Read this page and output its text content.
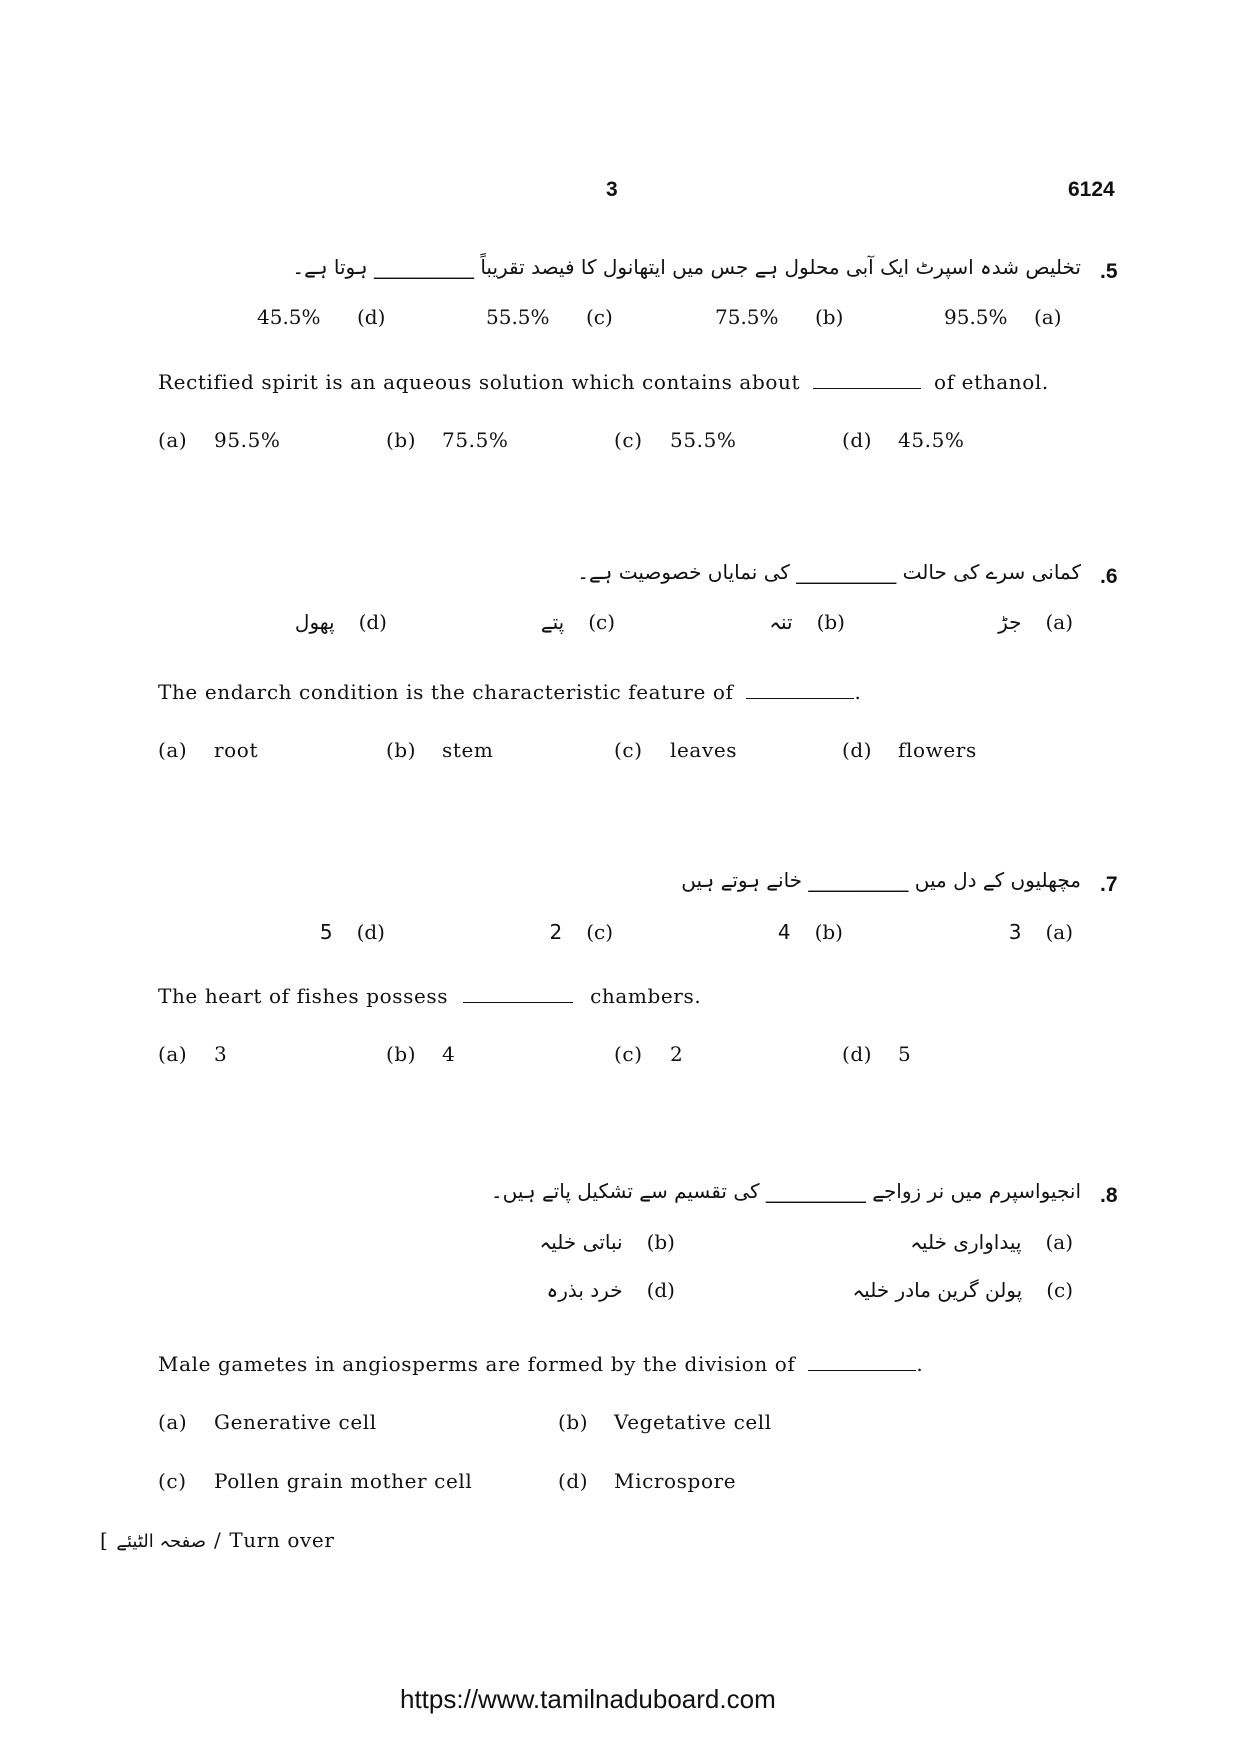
3	6124
.5
تخلیص شدہ اسپرٹ ایک آبی محلول ہے جس میں ایتھانول کا فیصد تقریباً __________ ہوتا ہے۔
95.5%	(a)
75.5%	(b)
55.5%	(c)
45.5%	(d)
Rectified spirit is an aqueous solution which contains about	of ethanol.
(a)	95.5%	(b)	75.5%	(c)	55.5%	(d)	45.5%
.6
کمانی سرے کی حالت __________ کی نمایاں خصوصیت ہے۔
جڑ (a)
تنہ (b)
پتے (c)
پھول (d)
The endarch condition is the characteristic feature of	.
(a)	root	(b)	stem	(c)	leaves	(d)	flowers
.7
مچھلیوں کے دل میں __________ خانے ہوتے ہیں
3 (a)
4 (b)
2 (c)
5 (d)
The heart of fishes possess	chambers.
(a)	3	(b)	4	(c)	2	(d)	5
.8
انجیواسپرم میں نر زواجے __________ کی تقسیم سے تشکیل پاتے ہیں۔
پیداواری خلیہ (a)
نباتی خلیہ (b)
پولن گرین مادر خلیہ (c)
خرد بذرہ (d)
Male gametes in angiosperms are formed by the division of	.
(a)	Generative cell	(b)	Vegetative cell
(c)	Pollen grain mother cell	(d)	Microspore
[ صفحہ الٹیئے / Turn over
https://www.tamilnaduboard.com
